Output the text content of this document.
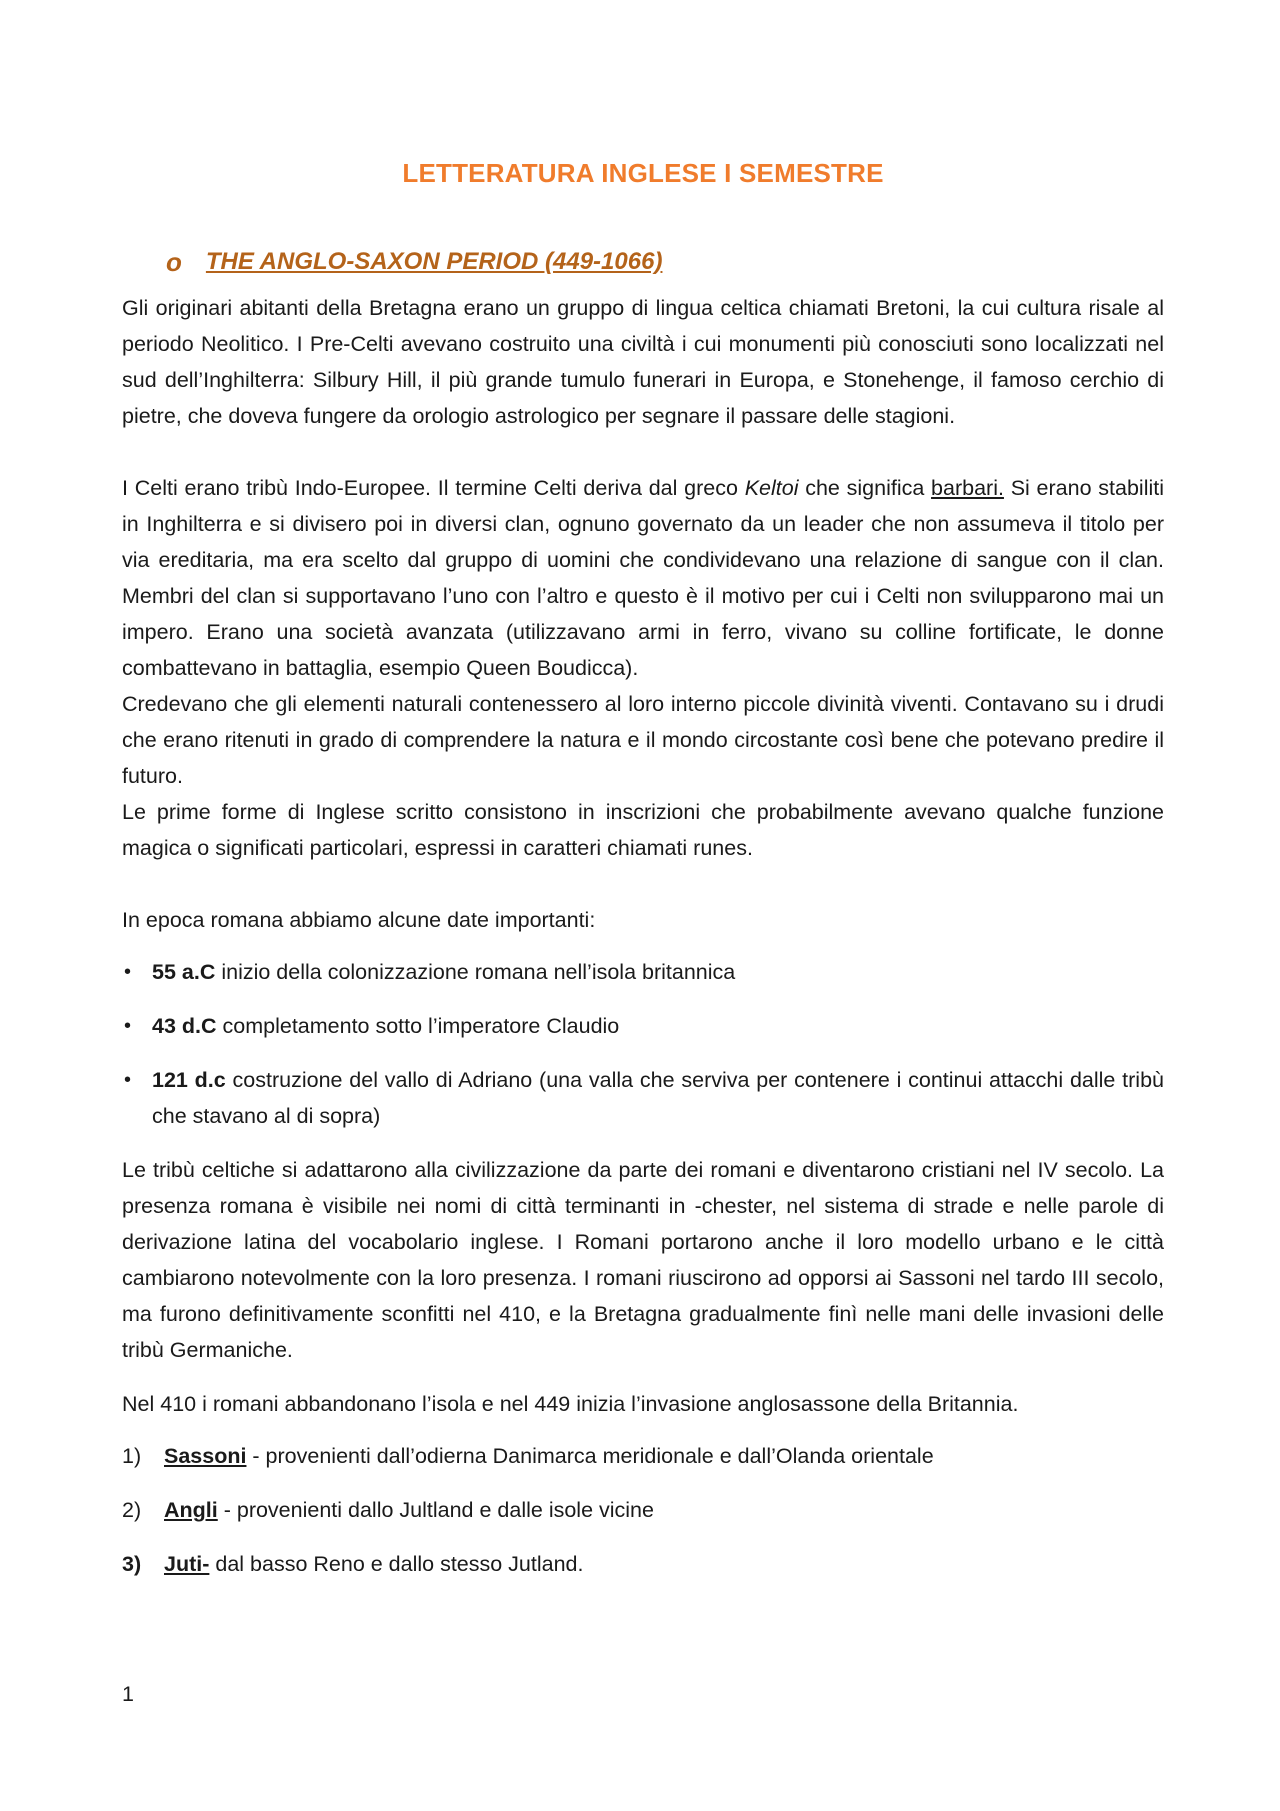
LETTERATURA INGLESE I SEMESTRE
o THE ANGLO-SAXON PERIOD (449-1066)

Gli originari abitanti della Bretagna erano un gruppo di lingua celtica chiamati Bretoni, la cui cultura risale al periodo Neolitico. I Pre-Celti avevano costruito una civiltà i cui monumenti più conosciuti sono localizzati nel sud dell’Inghilterra: Silbury Hill, il più grande tumulo funerari in Europa, e Stonehenge, il famoso cerchio di pietre, che doveva fungere da orologio astrologico per segnare il passare delle stagioni.

I Celti erano tribù Indo-Europee. Il termine Celti deriva dal greco Keltoi che significa barbari. Si erano stabiliti in Inghilterra e si divisero poi in diversi clan, ognuno governato da un leader che non assumeva il titolo per via ereditaria, ma era scelto dal gruppo di uomini che condividevano una relazione di sangue con il clan. Membri del clan si supportavano l’uno con l’altro e questo è il motivo per cui i Celti non svilupparono mai un impero. Erano una società avanzata (utilizzavano armi in ferro, vivano su colline fortificate, le donne combattevano in battaglia, esempio Queen Boudicca).

Credevano che gli elementi naturali contenessero al loro interno piccole divinità viventi. Contavano su i drudi che erano ritenuti in grado di comprendere la natura e il mondo circostante così bene che potevano predire il futuro.

Le prime forme di Inglese scritto consistono in inscrizioni che probabilmente avevano qualche funzione magica o significati particolari, espressi in caratteri chiamati runes.

In epoca romana abbiamo alcune date importanti:

• 55 a.C inizio della colonizzazione romana nell’isola britannica
• 43 d.C completamento sotto l’imperatore Claudio
• 121 d.c costruzione del vallo di Adriano (una valla che serviva per contenere i continui attacchi dalle tribù che stavano al di sopra)

Le tribù celtiche si adattarono alla civilizzazione da parte dei romani e diventarono cristiani nel IV secolo. La presenza romana è visibile nei nomi di città terminanti in -chester, nel sistema di strade e nelle parole di derivazione latina del vocabolario inglese. I Romani portarono anche il loro modello urbano e le città cambiarono notevolmente con la loro presenza. I romani riuscirono ad opporsi ai Sassoni nel tardo III secolo, ma furono definitivamente sconfitti nel 410, e la Bretagna gradualmente finì nelle mani delle invasioni delle tribù Germaniche.

Nel 410 i romani abbandonano l’isola e nel 449 inizia l’invasione anglosassone della Britannia.

1) Sassoni - provenienti dall’odierna Danimarca meridionale e dall’Olanda orientale
2) Angli - provenienti dallo Jultland e dalle isole vicine
3) Juti- dal basso Reno e dallo stesso Jutland.
1
